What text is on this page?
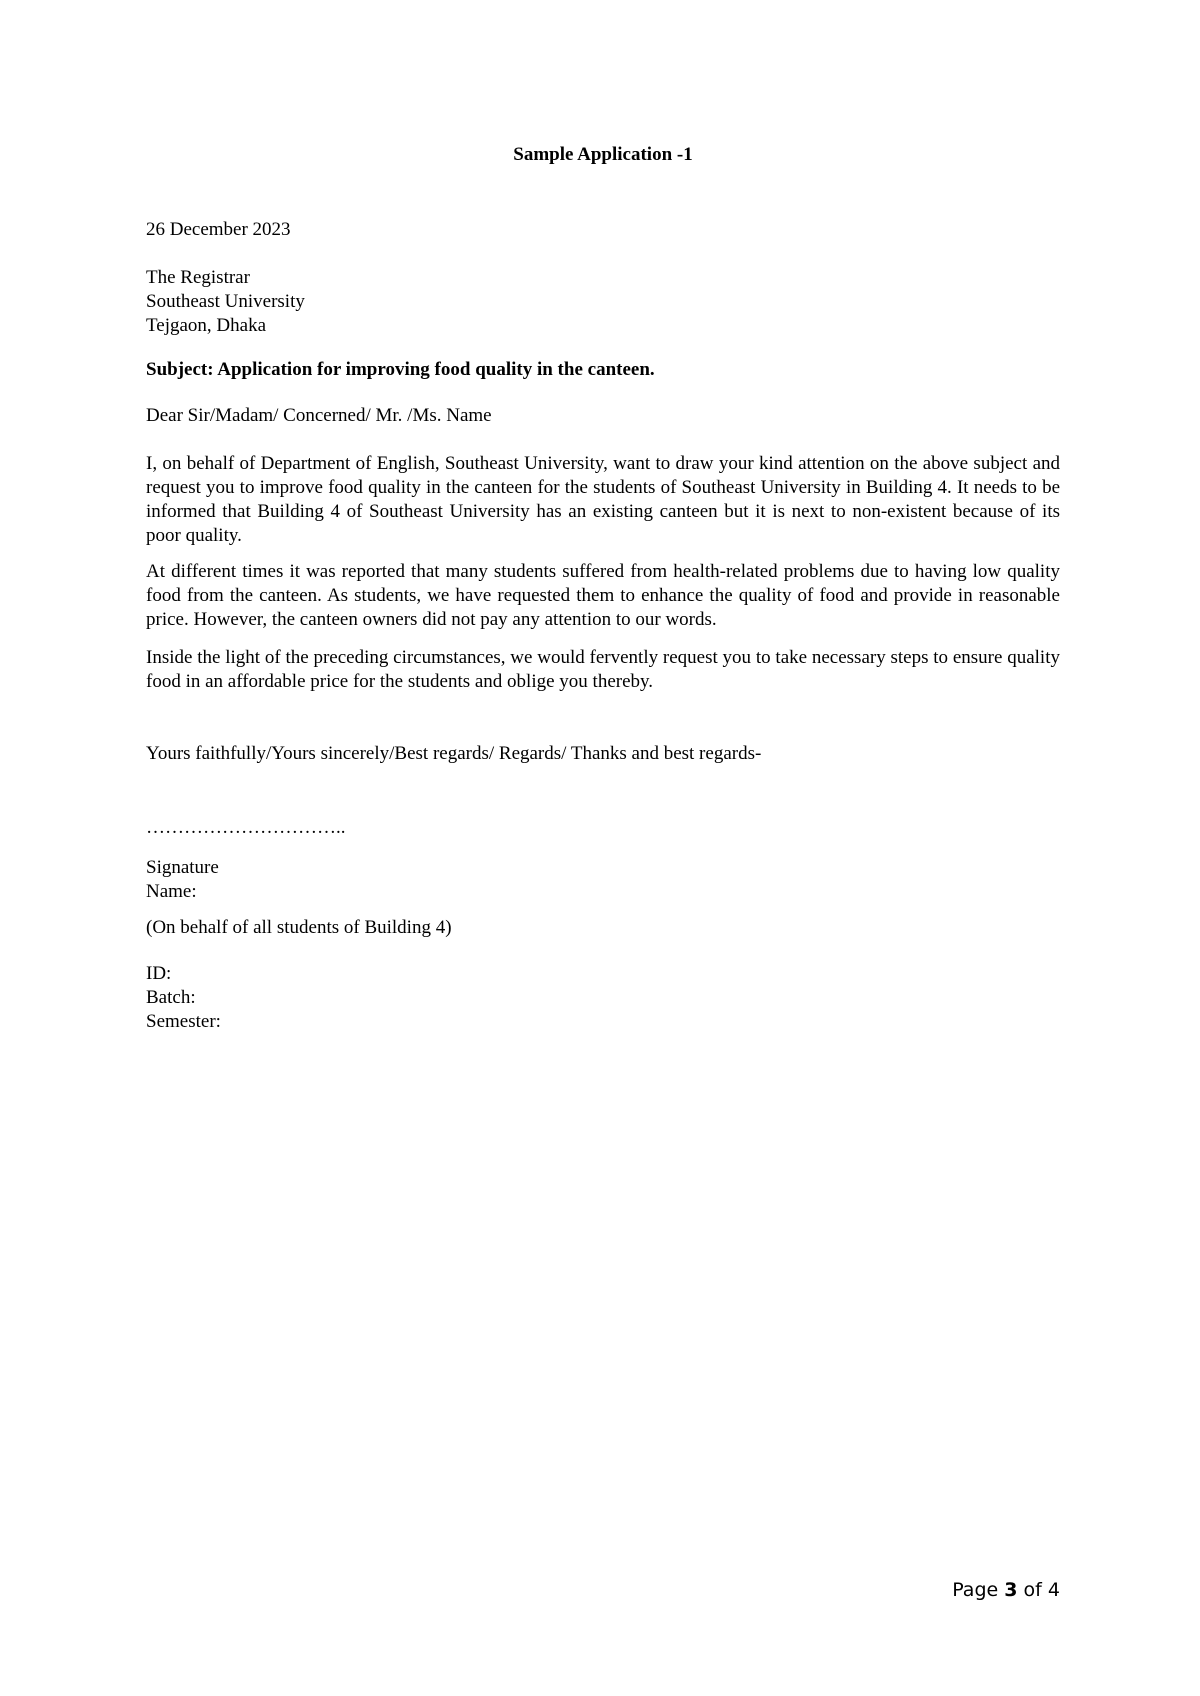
Sample Application -1
26 December 2023
The Registrar
Southeast University
Tejgaon, Dhaka
Subject: Application for improving food quality in the canteen.
Dear Sir/Madam/ Concerned/ Mr. /Ms. Name
I, on behalf of Department of English, Southeast University, want to draw your kind attention on the above subject and request you to improve food quality in the canteen for the students of Southeast University in Building 4. It needs to be informed that Building 4 of Southeast University has an existing canteen but it is next to non-existent because of its poor quality.
At different times it was reported that many students suffered from health-related problems due to having low quality food from the canteen. As students, we have requested them to enhance the quality of food and provide in reasonable price. However, the canteen owners did not pay any attention to our words.
Inside the light of the preceding circumstances, we would fervently request you to take necessary steps to ensure quality food in an affordable price for the students and oblige you thereby.
Yours faithfully/Yours sincerely/Best regards/ Regards/ Thanks and best regards-
…………………………..
Signature
Name:
(On behalf of all students of Building 4)
ID:
Batch:
Semester:
Page 3 of 4
